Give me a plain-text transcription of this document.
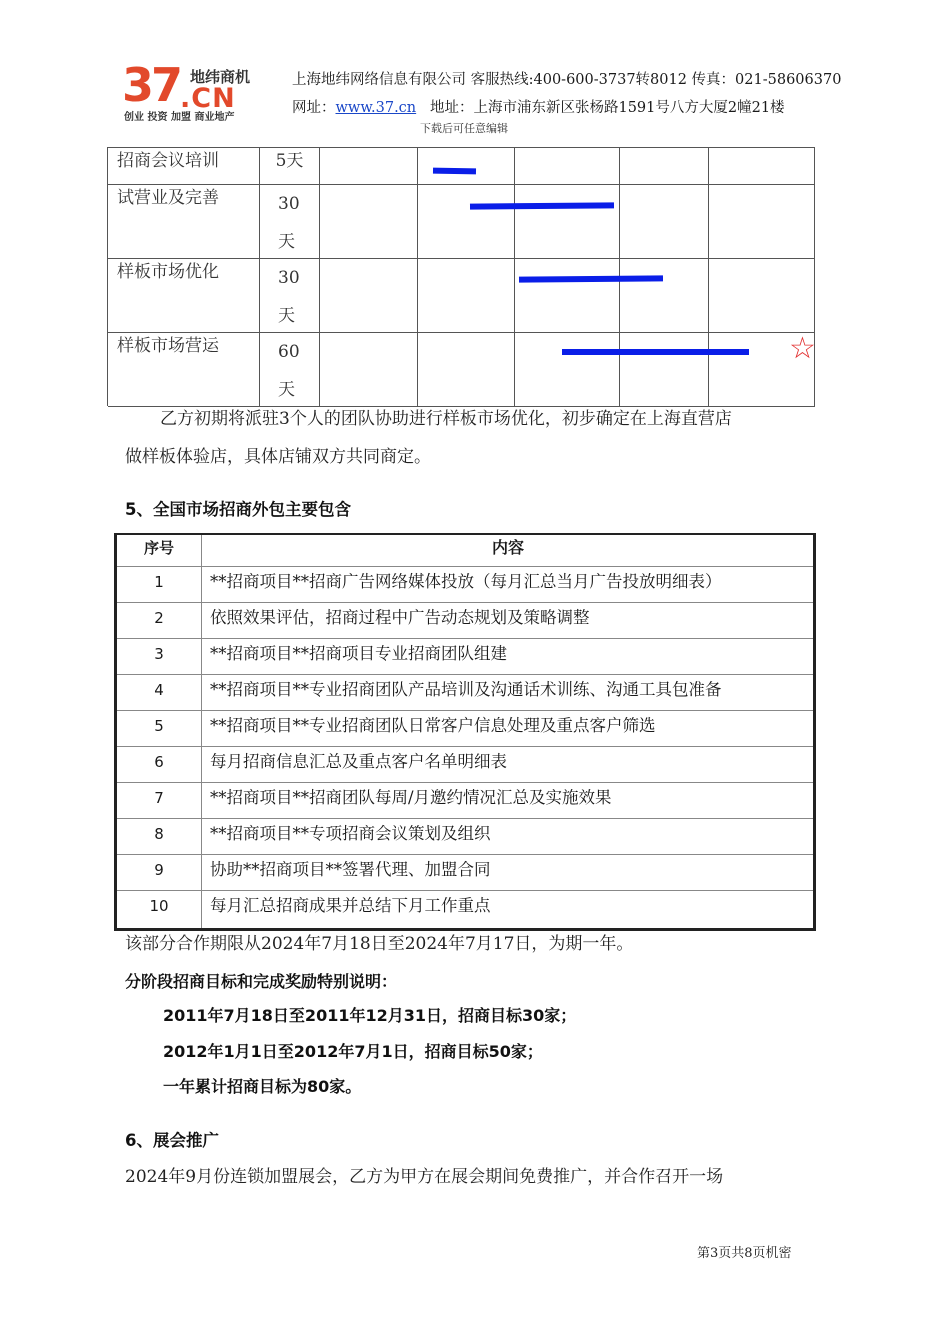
37 地纬商机
.CN
创业 投资 加盟 商业地产
上海地纬网络信息有限公司 客服热线:400-600-3737转8012 传真：021-58606370
网址：www.37.cn 地址：上海市浦东新区张杨路1591号八方大厦2幢21楼
下载后可任意编辑
招商会议培训	5天
试营业及完善	30天
样板市场优化	30天
样板市场营运	60天
☆
乙方初期将派驻3个人的团队协助进行样板市场优化，初步确定在上海直营店
做样板体验店，具体店铺双方共同商定。
5、全国市场招商外包主要包含
序号	内容
1	**招商项目**招商广告网络媒体投放（每月汇总当月广告投放明细表）
2	依照效果评估，招商过程中广告动态规划及策略调整
3	**招商项目**招商项目专业招商团队组建
4	**招商项目**专业招商团队产品培训及沟通话术训练、沟通工具包准备
5	**招商项目**专业招商团队日常客户信息处理及重点客户筛选
6	每月招商信息汇总及重点客户名单明细表
7	**招商项目**招商团队每周/月邀约情况汇总及实施效果
8	**招商项目**专项招商会议策划及组织
9	协助**招商项目**签署代理、加盟合同
10	每月汇总招商成果并总结下月工作重点
该部分合作期限从2024年7月18日至2024年7月17日，为期一年。
分阶段招商目标和完成奖励特别说明：
2011年7月18日至2011年12月31日，招商目标30家；
2012年1月1日至2012年7月1日，招商目标50家；
一年累计招商目标为80家。
6、展会推广
2024年9月份连锁加盟展会，乙方为甲方在展会期间免费推广，并合作召开一场
第3页共8页机密
